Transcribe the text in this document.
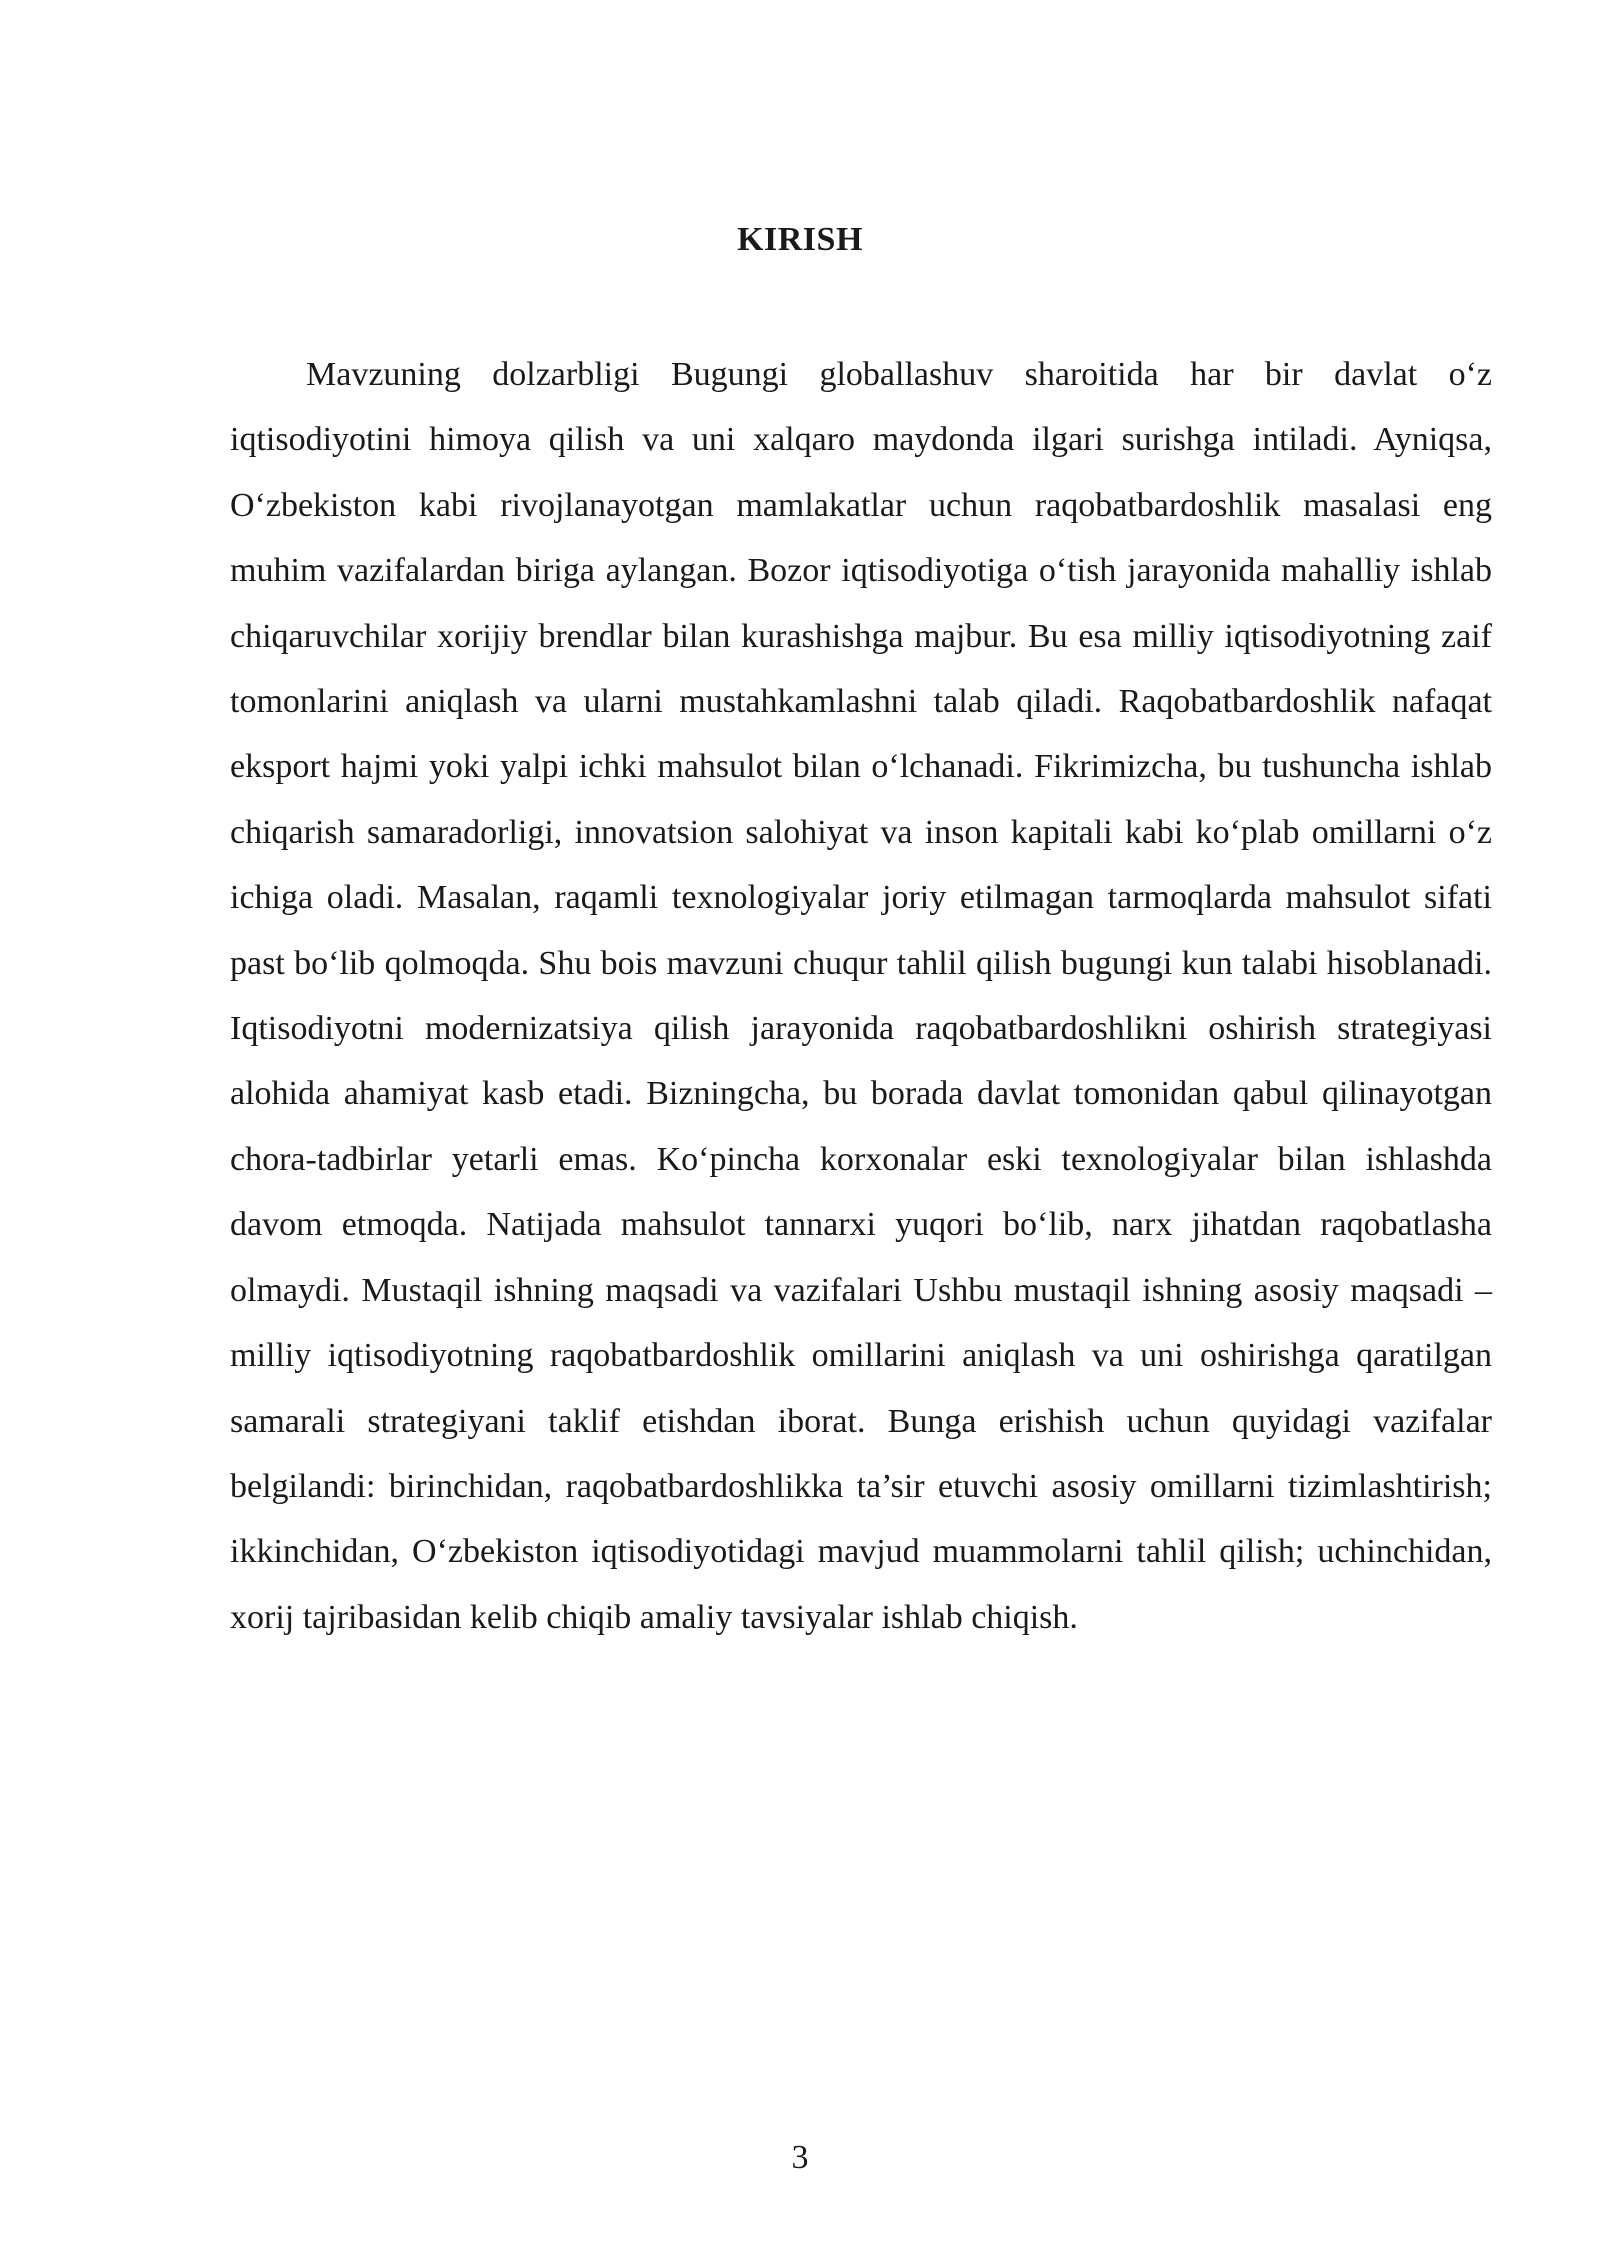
KIRISH

Mavzuning dolzarbligi Bugungi globallashuv sharoitida har bir davlat o‘z iqtisodiyotini himoya qilish va uni xalqaro maydonda ilgari surishga intiladi. Ayniqsa, O‘zbekiston kabi rivojlanayotgan mamlakatlar uchun raqobatbardoshlik masalasi eng muhim vazifalardan biriga aylangan. Bozor iqtisodiyotiga o‘tish jarayonida mahalliy ishlab chiqaruvchilar xorijiy brendlar bilan kurashishga majbur. Bu esa milliy iqtisodiyotning zaif tomonlarini aniqlash va ularni mustahkamlashni talab qiladi. Raqobatbardoshlik nafaqat eksport hajmi yoki yalpi ichki mahsulot bilan o‘lchanadi. Fikrimizcha, bu tushuncha ishlab chiqarish samaradorligi, innovatsion salohiyat va inson kapitali kabi ko‘plab omillarni o‘z ichiga oladi. Masalan, raqamli texnologiyalar joriy etilmagan tarmoqlarda mahsulot sifati past bo‘lib qolmoqda. Shu bois mavzuni chuqur tahlil qilish bugungi kun talabi hisoblanadi. Iqtisodiyotni modernizatsiya qilish jarayonida raqobatbardoshlikni oshirish strategiyasi alohida ahamiyat kasb etadi. Bizningcha, bu borada davlat tomonidan qabul qilinayotgan chora-tadbirlar yetarli emas. Ko‘pincha korxonalar eski texnologiyalar bilan ishlashda davom etmoqda. Natijada mahsulot tannarxi yuqori bo‘lib, narx jihatdan raqobatlasha olmaydi. Mustaqil ishning maqsadi va vazifalari Ushbu mustaqil ishning asosiy maqsadi – milliy iqtisodiyotning raqobatbardoshlik omillarini aniqlash va uni oshirishga qaratilgan samarali strategiyani taklif etishdan iborat. Bunga erishish uchun quyidagi vazifalar belgilandi: birinchidan, raqobatbardoshlikka ta’sir etuvchi asosiy omillarni tizimlashtirish; ikkinchidan, O‘zbekiston iqtisodiyotidagi mavjud muammolarni tahlil qilish; uchinchidan, xorij tajribasidan kelib chiqib amaliy tavsiyalar ishlab chiqish.

3
